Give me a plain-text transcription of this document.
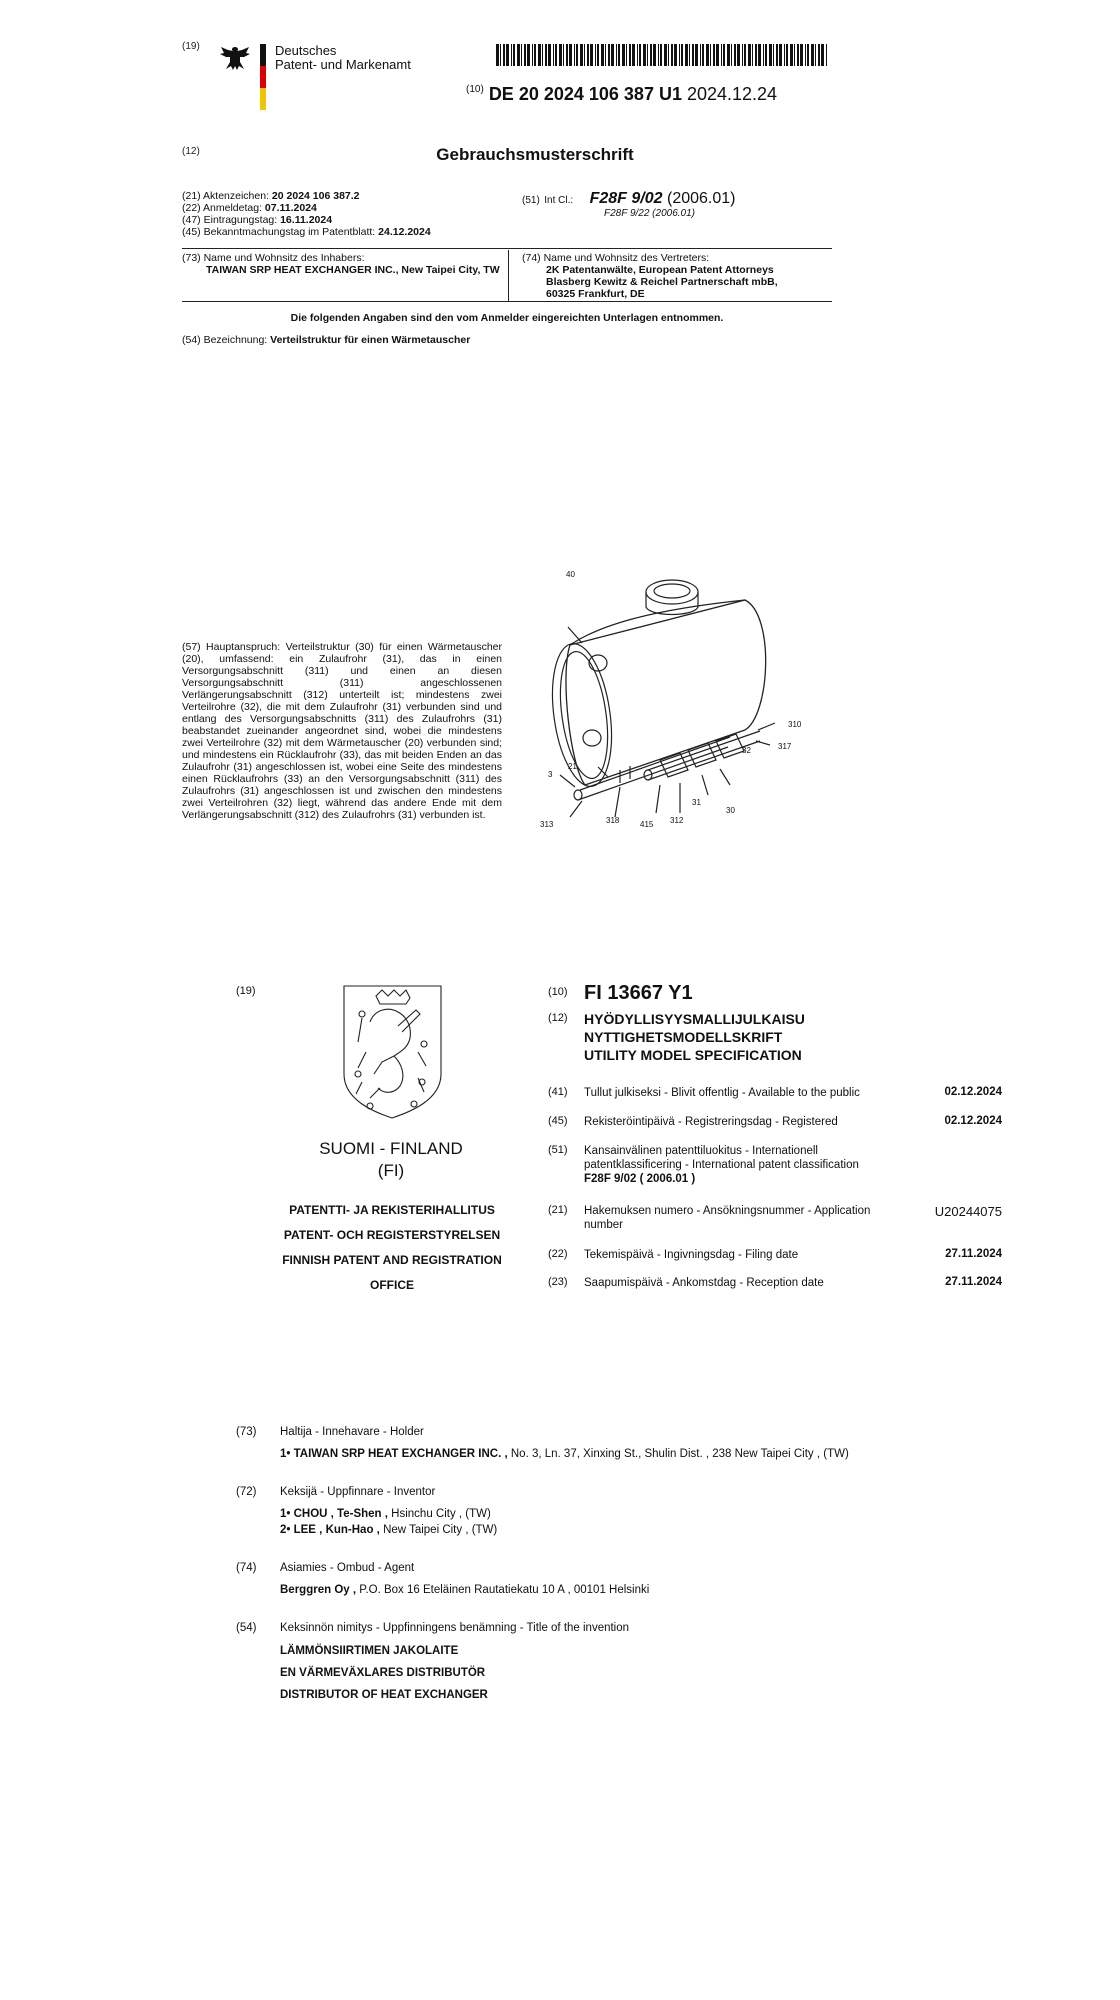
(19)	Deutsches
Patent- und Markenamt
$^{(10)}$ DE 20 2024 106 387 U1 2024.12.24
(12)	Gebrauchsmusterschrift
(21) Aktenzeichen: 20 2024 106 387.2
(22) Anmeldetag: 07.11.2024
(47) Eintragungstag: 16.11.2024
(45) Bekanntmachungstag im Patentblatt: 24.12.2024
(51) Int Cl.: F28F 9/02 (2006.01)
F28F 9/22 (2006.01)
(73) Name und Wohnsitz des Inhabers:
TAIWAN SRP HEAT EXCHANGER INC., New Taipei City, TW
(74) Name und Wohnsitz des Vertreters:
2K Patentanwälte, European Patent Attorneys
Blasberg Kewitz & Reichel Partnerschaft mbB,
60325 Frankfurt, DE
Die folgenden Angaben sind den vom Anmelder eingereichten Unterlagen entnommen.
(54) Bezeichnung: Verteilstruktur für einen Wärmetauscher
(57) Hauptanspruch: Verteilstruktur (30) für einen Wärmetauscher (20), umfassend: ein Zulaufrohr (31), das in einen Versorgungsabschnitt (311) und einen an diesen Versorgungsabschnitt (311) angeschlossenen Verlängerungsabschnitt (312) unterteilt ist; mindestens zwei Verteilrohre (32), die mit dem Zulaufrohr (31) verbunden sind und entlang des Versorgungsabschnitts (311) des Zulaufrohrs (31) beabstandet zueinander angeordnet sind, wobei die mindestens zwei Verteilrohre (32) mit dem Wärmetauscher (20) verbunden sind; und mindestens ein Rücklaufrohr (33), das mit beiden Enden an das Zulaufrohr (31) angeschlossen ist, wobei eine Seite des mindestens einen Rücklaufrohrs (33) an den Versorgungsabschnitt (311) des Zulaufrohrs (31) angeschlossen ist und zwischen den mindestens zwei Verteilrohren (32) liegt, während das andere Ende mit dem Verlängerungsabschnitt (312) des Zulaufrohrs (31) verbunden ist.
40
310
317
32
30
3
31
313	415 312
318
21
(19)
SUOMI - FINLAND
(FI)
PATENTTI- JA REKISTERIHALLITUS
PATENT- OCH REGISTERSTYRELSEN
FINNISH PATENT AND REGISTRATION OFFICE
(10) FI 13667 Y1
(12) HYÖDYLLISYYSMALLIJULKAISU
NYTTIGHETSMODELLSKRIFT
UTILITY MODEL SPECIFICATION
(41) Tullut julkiseksi - Blivit offentlig - Available to the public	02.12.2024
(45) Rekisteröintipäivä - Registreringsdag - Registered	02.12.2024
(51) Kansainvälinen patenttiluokitus - Internationell patentklassificering - International patent classification
F28F 9/02 ( 2006.01 )
(21) Hakemuksen numero - Ansökningsnummer - Application number
U20244075
(22) Tekemispäivä - Ingivningsdag - Filing date	27.11.2024
(23) Saapumispäivä - Ankomstdag - Reception date	27.11.2024
(73) Haltija - Innehavare - Holder
1• TAIWAN SRP HEAT EXCHANGER INC. , No. 3, Ln. 37, Xinxing St., Shulin Dist. , 238 New Taipei City , (TW)
(72) Keksijä - Uppfinnare - Inventor
1• CHOU , Te-Shen , Hsinchu City , (TW)
2• LEE , Kun-Hao , New Taipei City , (TW)
(74) Asiamies - Ombud - Agent
Berggren Oy , P.O. Box 16 Eteläinen Rautatiekatu 10 A , 00101 Helsinki
(54) Keksinnön nimitys - Uppfinningens benämning - Title of the invention
LÄMMÖNSIIRTIMEN JAKOLAITE
EN VÄRMEVÄXLARES DISTRIBUTÖR
DISTRIBUTOR OF HEAT EXCHANGER
